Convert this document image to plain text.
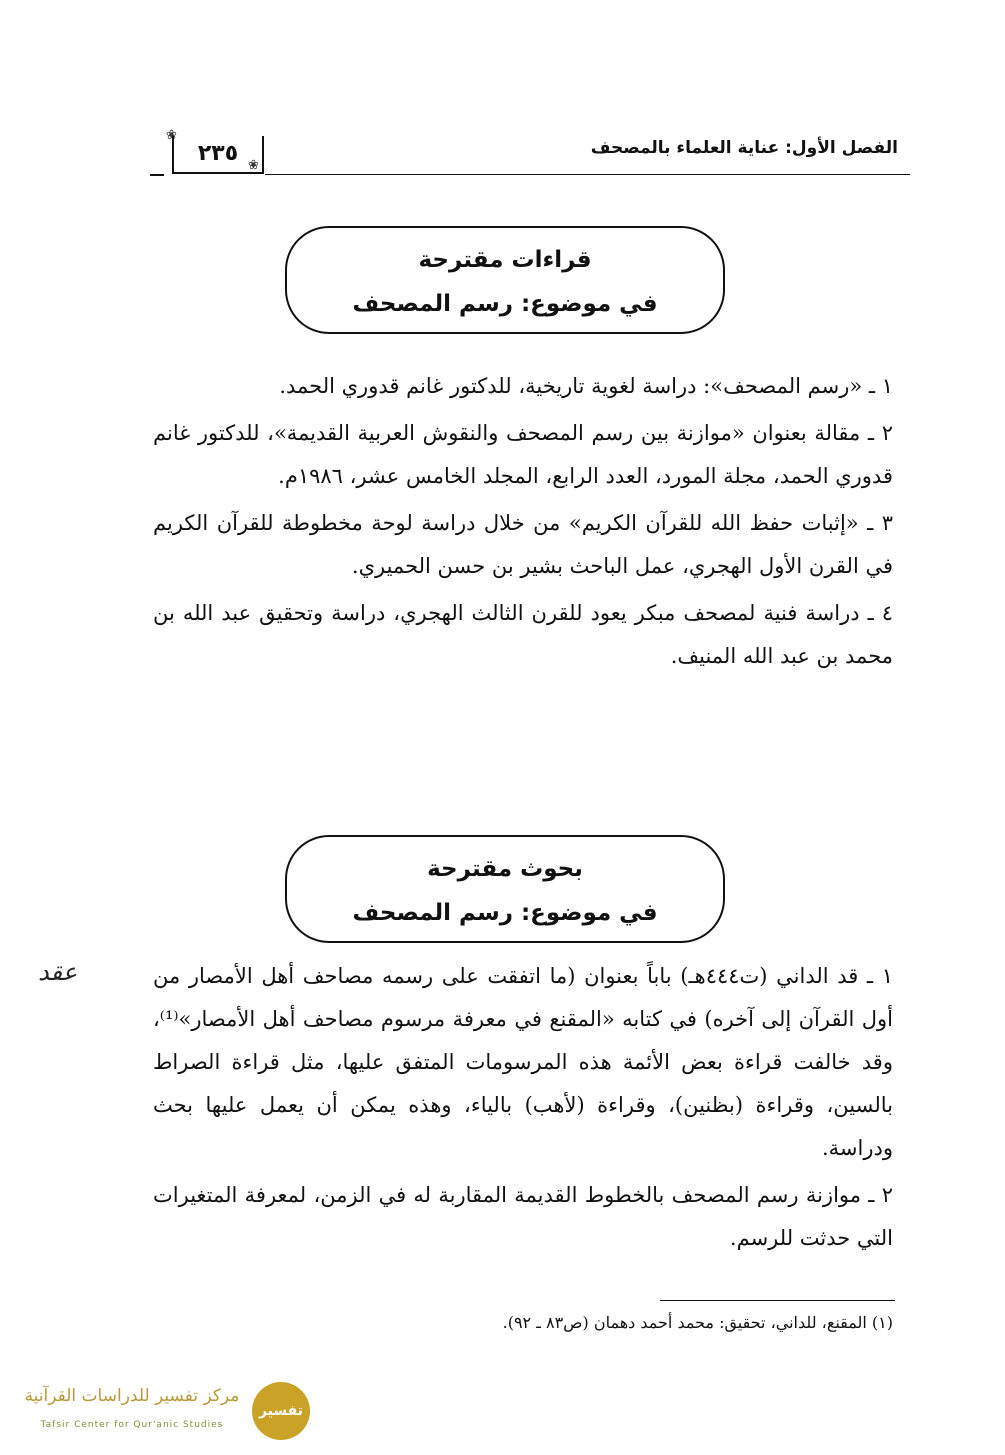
❀
٢٣٥ ❀
الفصل الأول: عناية العلماء بالمصحف
قراءات مقترحة
في موضوع: رسم المصحف

١ ـ «رسم المصحف»: دراسة لغوية تاريخية، للدكتور غانم قدوري الحمد.

٢ ـ مقالة بعنوان «موازنة بين رسم المصحف والنقوش العربية القديمة»، للدكتور غانم قدوري الحمد، مجلة المورد، العدد الرابع، المجلد الخامس عشر، ١٩٨٦م.

٣ ـ «إثبات حفظ الله للقرآن الكريم» من خلال دراسة لوحة مخطوطة للقرآن الكريم في القرن الأول الهجري، عمل الباحث بشير بن حسن الحميري.

٤ ـ دراسة فنية لمصحف مبكر يعود للقرن الثالث الهجري، دراسة وتحقيق عبد الله بن محمد بن عبد الله المنيف.

بحوث مقترحة
في موضوع: رسم المصحف
عقد	١ ـ قد الداني (ت٤٤٤هـ) باباً بعنوان (ما اتفقت على رسمه مصاحف أهل الأمصار من أول القرآن إلى آخره) في كتابه «المقنع في معرفة مرسوم مصاحف أهل الأمصار»⁽¹⁾، وقد خالفت قراءة بعض الأئمة هذه المرسومات المتفق عليها، مثل قراءة الصراط بالسين، وقراءة (بظنين)، وقراءة (لأهب) بالياء، وهذه يمكن أن يعمل عليها بحث ودراسة.

٢ ـ موازنة رسم المصحف بالخطوط القديمة المقاربة له في الزمن، لمعرفة المتغيرات التي حدثت للرسم.

(١) المقنع، للداني، تحقيق: محمد أحمد دهمان (ص٨٣ ـ ٩٢).
تفسير
مركز تفسير للدراسات القرآنية
Tafsir Center for Qur'anic Studies
